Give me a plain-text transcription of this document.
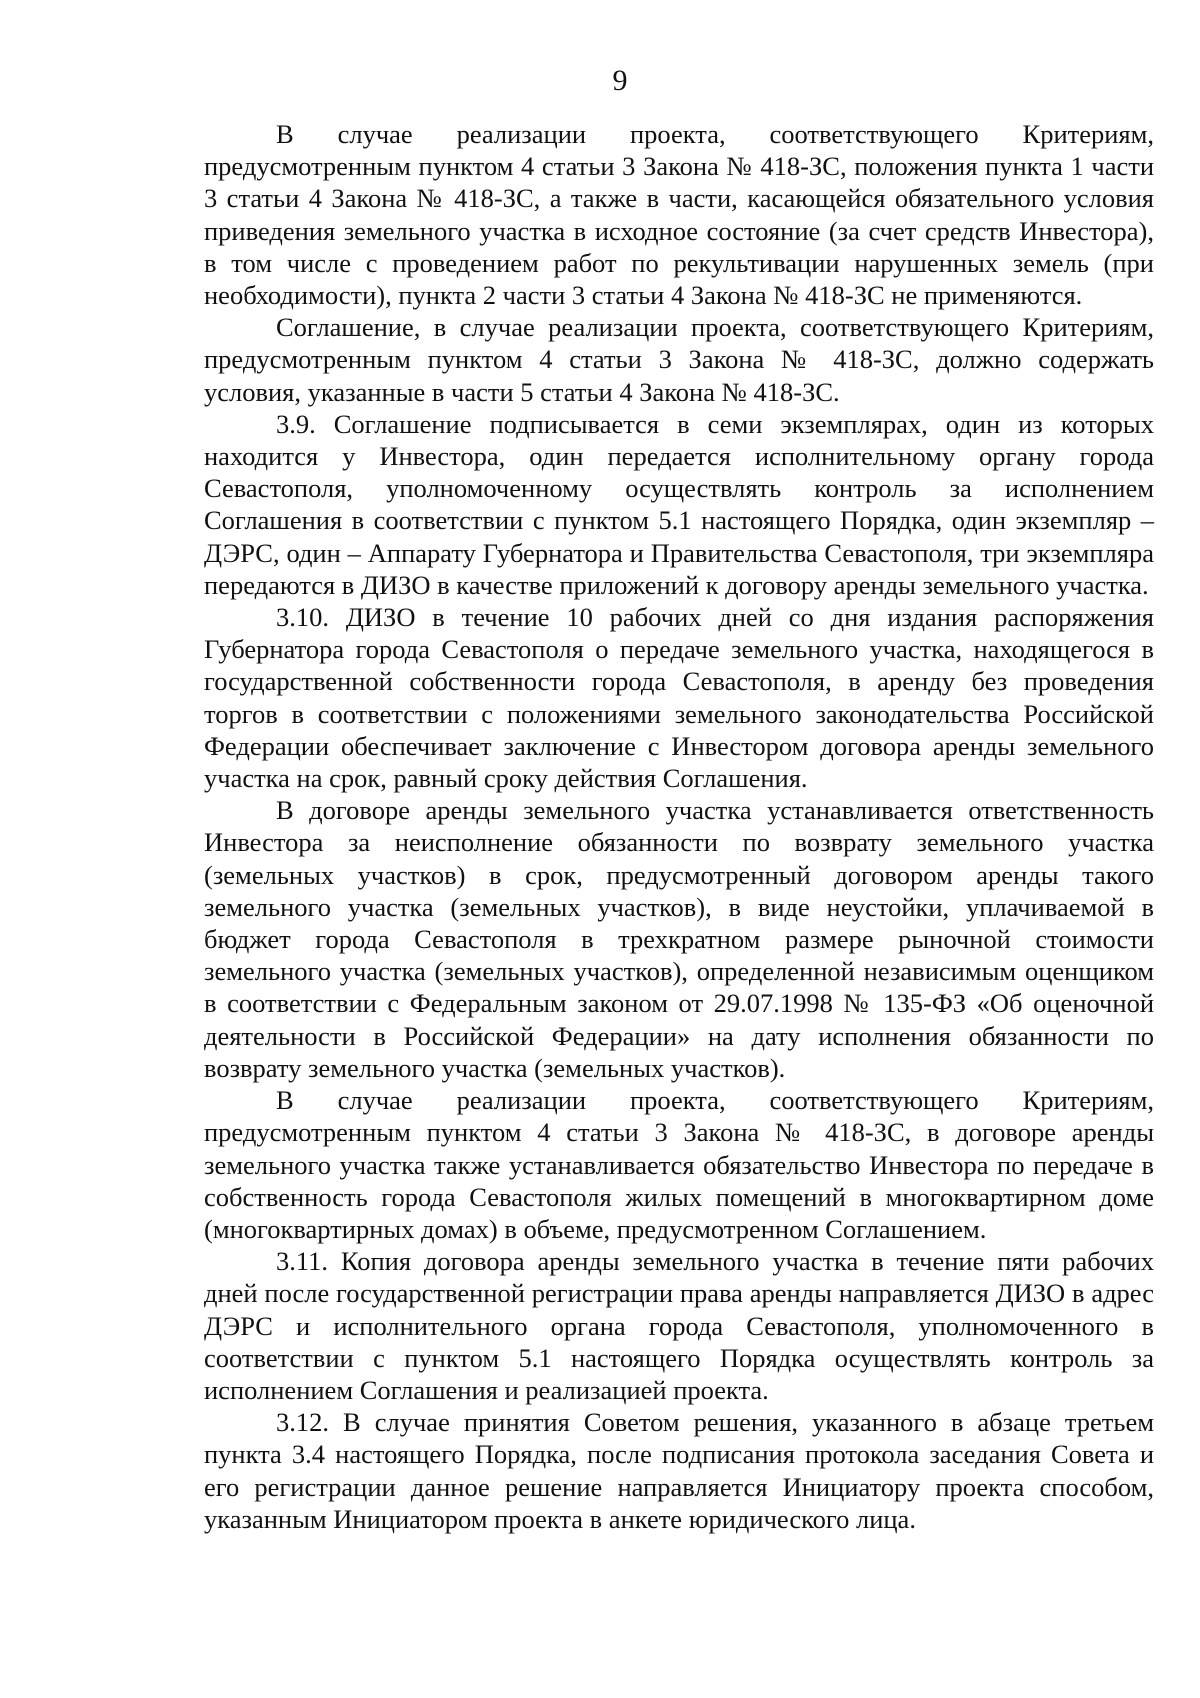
9

В случае реализации проекта, соответствующего Критериям, предусмотренным пунктом 4 статьи 3 Закона № 418-ЗС, положения пункта 1 части 3 статьи 4 Закона № 418-ЗС, а также в части, касающейся обязательного условия приведения земельного участка в исходное состояние (за счет средств Инвестора), в том числе с проведением работ по рекультивации нарушенных земель (при необходимости), пункта 2 части 3 статьи 4 Закона № 418-ЗС не применяются.

Соглашение, в случае реализации проекта, соответствующего Критериям, предусмотренным пунктом 4 статьи 3 Закона № 418-ЗС, должно содержать условия, указанные в части 5 статьи 4 Закона № 418-ЗС.

3.9. Соглашение подписывается в семи экземплярах, один из которых находится у Инвестора, один передается исполнительному органу города Севастополя, уполномоченному осуществлять контроль за исполнением Соглашения в соответствии с пунктом 5.1 настоящего Порядка, один экземпляр – ДЭРС, один – Аппарату Губернатора и Правительства Севастополя, три экземпляра передаются в ДИЗО в качестве приложений к договору аренды земельного участка.

3.10. ДИЗО в течение 10 рабочих дней со дня издания распоряжения Губернатора города Севастополя о передаче земельного участка, находящегося в государственной собственности города Севастополя, в аренду без проведения торгов в соответствии с положениями земельного законодательства Российской Федерации обеспечивает заключение с Инвестором договора аренды земельного участка на срок, равный сроку действия Соглашения.

В договоре аренды земельного участка устанавливается ответственность Инвестора за неисполнение обязанности по возврату земельного участка (земельных участков) в срок, предусмотренный договором аренды такого земельного участка (земельных участков), в виде неустойки, уплачиваемой в бюджет города Севастополя в трехкратном размере рыночной стоимости земельного участка (земельных участков), определенной независимым оценщиком в соответствии с Федеральным законом от 29.07.1998 № 135-ФЗ «Об оценочной деятельности в Российской Федерации» на дату исполнения обязанности по возврату земельного участка (земельных участков).

В случае реализации проекта, соответствующего Критериям, предусмотренным пунктом 4 статьи 3 Закона № 418-ЗС, в договоре аренды земельного участка также устанавливается обязательство Инвестора по передаче в собственность города Севастополя жилых помещений в многоквартирном доме (многоквартирных домах) в объеме, предусмотренном Соглашением.

3.11. Копия договора аренды земельного участка в течение пяти рабочих дней после государственной регистрации права аренды направляется ДИЗО в адрес ДЭРС и исполнительного органа города Севастополя, уполномоченного в соответствии с пунктом 5.1 настоящего Порядка осуществлять контроль за исполнением Соглашения и реализацией проекта.

3.12. В случае принятия Советом решения, указанного в абзаце третьем пункта 3.4 настоящего Порядка, после подписания протокола заседания Совета и его регистрации данное решение направляется Инициатору проекта способом, указанным Инициатором проекта в анкете юридического лица.
